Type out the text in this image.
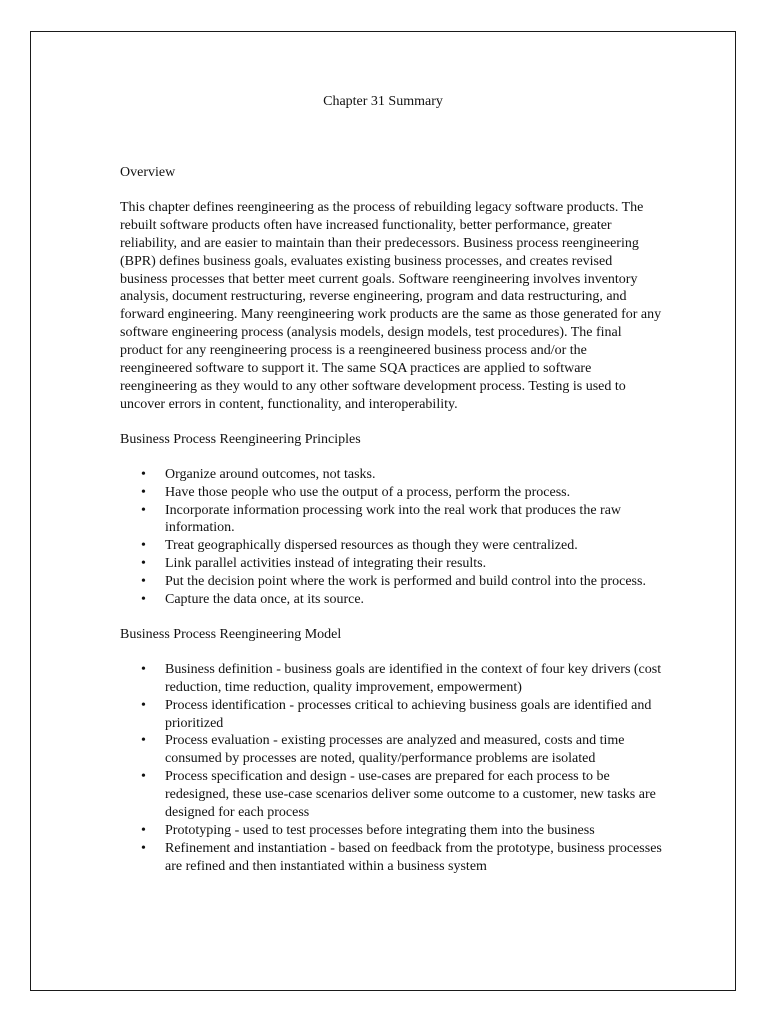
Chapter 31 Summary
Overview

This chapter defines reengineering as the process of rebuilding legacy software products. The rebuilt software products often have increased functionality, better performance, greater reliability, and are easier to maintain than their predecessors. Business process reengineering (BPR) defines business goals, evaluates existing business processes, and creates revised business processes that better meet current goals. Software reengineering involves inventory analysis, document restructuring, reverse engineering, program and data restructuring, and forward engineering. Many reengineering work products are the same as those generated for any software engineering process (analysis models, design models, test procedures). The final product for any reengineering process is a reengineered business process and/or the reengineered software to support it. The same SQA practices are applied to software reengineering as they would to any other software development process. Testing is used to uncover errors in content, functionality, and interoperability.

Business Process Reengineering Principles
• Organize around outcomes, not tasks.
• Have those people who use the output of a process, perform the process.
• Incorporate information processing work into the real work that produces the raw information.
• Treat geographically dispersed resources as though they were centralized.
• Link parallel activities instead of integrating their results.
• Put the decision point where the work is performed and build control into the process.
• Capture the data once, at its source.
Business Process Reengineering Model
• Business definition - business goals are identified in the context of four key drivers (cost reduction, time reduction, quality improvement, empowerment)
• Process identification - processes critical to achieving business goals are identified and prioritized
• Process evaluation - existing processes are analyzed and measured, costs and time consumed by processes are noted, quality/performance problems are isolated
• Process specification and design - use-cases are prepared for each process to be redesigned, these use-case scenarios deliver some outcome to a customer, new tasks are designed for each process
• Prototyping - used to test processes before integrating them into the business
• Refinement and instantiation - based on feedback from the prototype, business processes are refined and then instantiated within a business system
